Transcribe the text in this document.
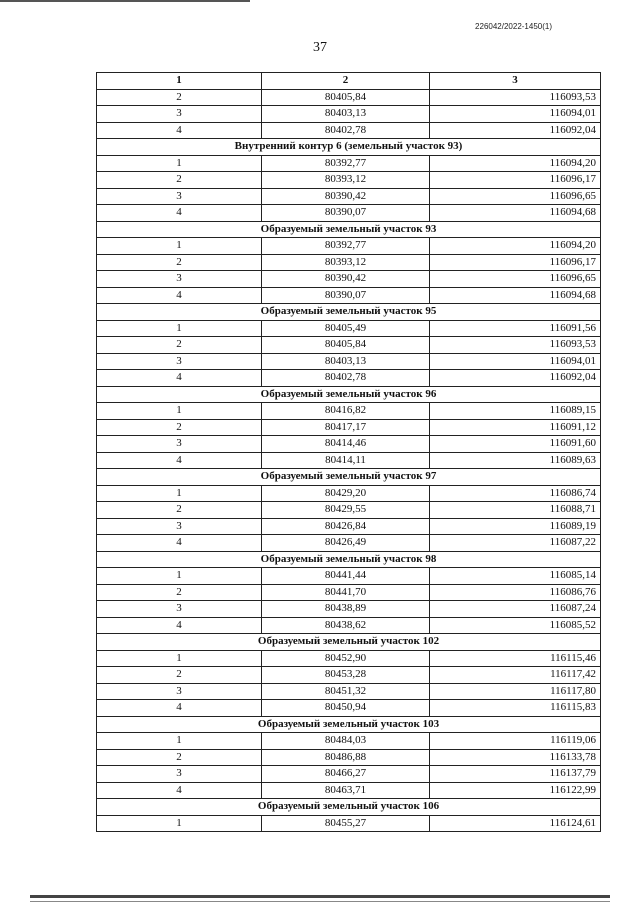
226042/2022-1450(1)
37
1	2	3
2	80405,84	116093,53
3	80403,13	116094,01
4	80402,78	116092,04
Внутренний контур 6 (земельный участок 93)		
1	80392,77	116094,20
2	80393,12	116096,17
3	80390,42	116096,65
4	80390,07	116094,68
Образуемый земельный участок 93		
1	80392,77	116094,20
2	80393,12	116096,17
3	80390,42	116096,65
4	80390,07	116094,68
Образуемый земельный участок 95		
1	80405,49	116091,56
2	80405,84	116093,53
3	80403,13	116094,01
4	80402,78	116092,04
Образуемый земельный участок 96		
1	80416,82	116089,15
2	80417,17	116091,12
3	80414,46	116091,60
4	80414,11	116089,63
Образуемый земельный участок 97		
1	80429,20	116086,74
2	80429,55	116088,71
3	80426,84	116089,19
4	80426,49	116087,22
Образуемый земельный участок 98		
1	80441,44	116085,14
2	80441,70	116086,76
3	80438,89	116087,24
4	80438,62	116085,52
Образуемый земельный участок 102		
1	80452,90	116115,46
2	80453,28	116117,42
3	80451,32	116117,80
4	80450,94	116115,83
Образуемый земельный участок 103		
1	80484,03	116119,06
2	80486,88	116133,78
3	80466,27	116137,79
4	80463,71	116122,99
Образуемый земельный участок 106		
1	80455,27	116124,61
